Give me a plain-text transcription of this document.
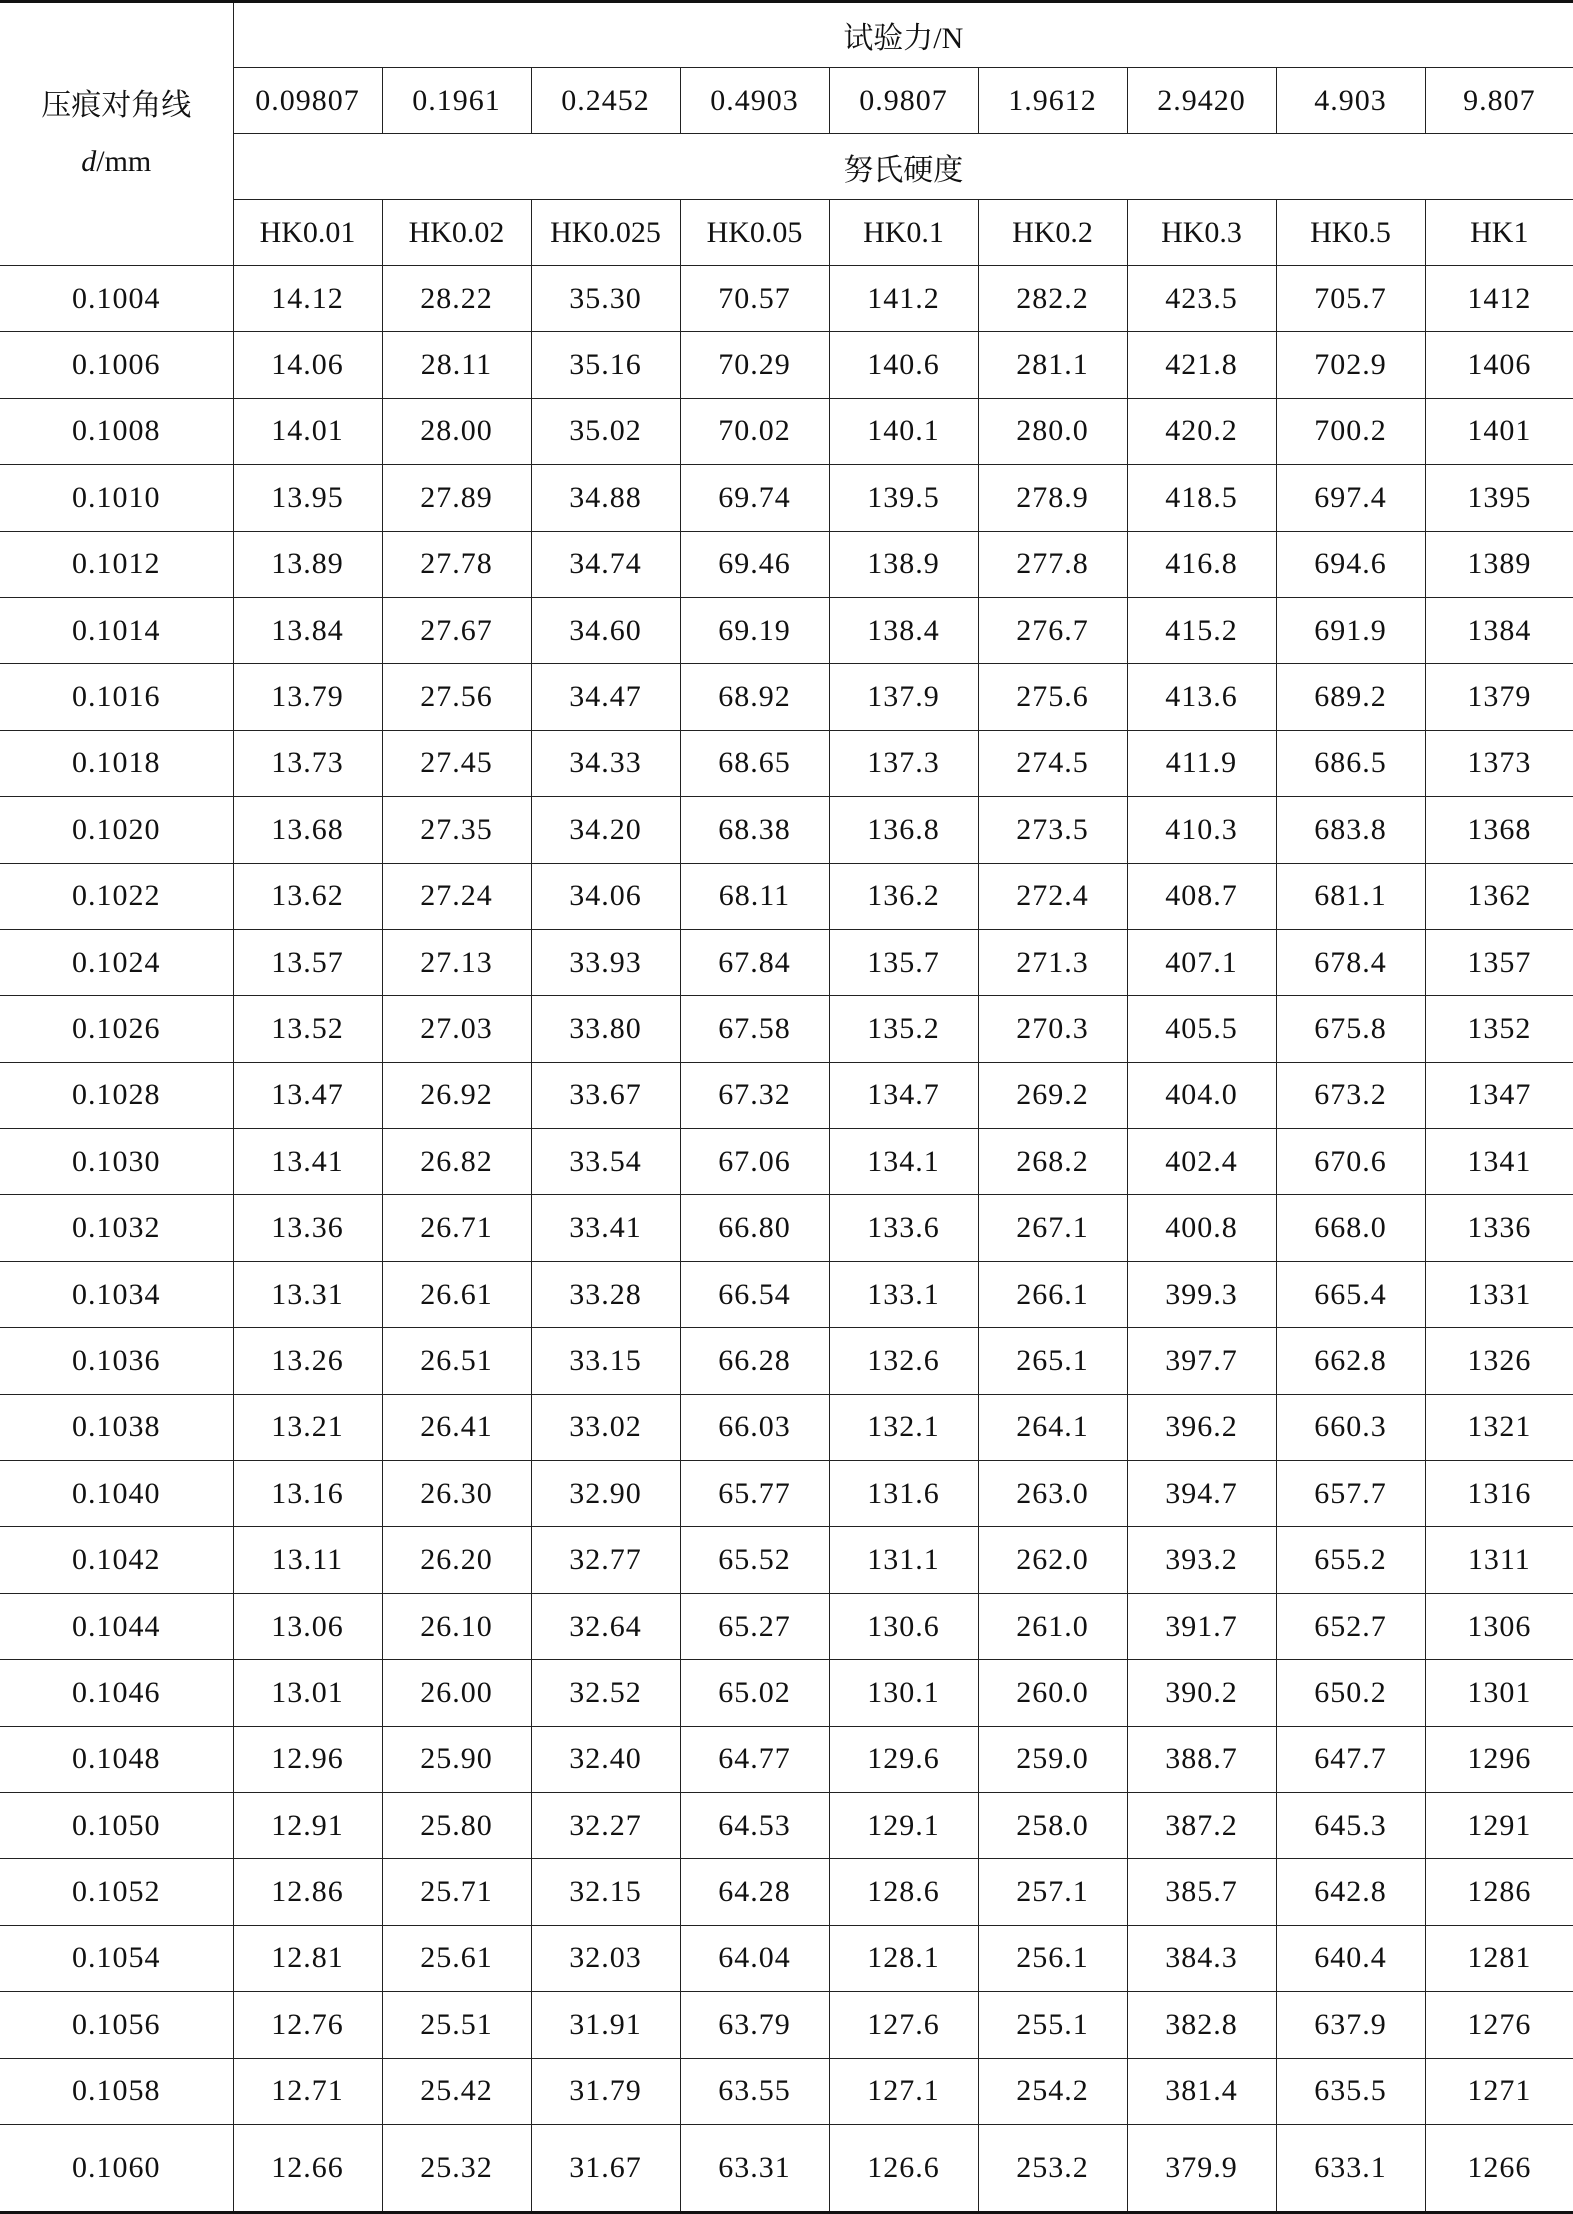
压痕对角线
d/mm	试验力/N								
	0.09807	0.1961	0.2452	0.4903	0.9807	1.9612	2.9420	4.903	9.807
	努氏硬度								
	HK0.01	HK0.02	HK0.025	HK0.05	HK0.1	HK0.2	HK0.3	HK0.5	HK1
0.1004	14.12	28.22	35.30	70.57	141.2	282.2	423.5	705.7	1412
0.1006	14.06	28.11	35.16	70.29	140.6	281.1	421.8	702.9	1406
0.1008	14.01	28.00	35.02	70.02	140.1	280.0	420.2	700.2	1401
0.1010	13.95	27.89	34.88	69.74	139.5	278.9	418.5	697.4	1395
0.1012	13.89	27.78	34.74	69.46	138.9	277.8	416.8	694.6	1389
0.1014	13.84	27.67	34.60	69.19	138.4	276.7	415.2	691.9	1384
0.1016	13.79	27.56	34.47	68.92	137.9	275.6	413.6	689.2	1379
0.1018	13.73	27.45	34.33	68.65	137.3	274.5	411.9	686.5	1373
0.1020	13.68	27.35	34.20	68.38	136.8	273.5	410.3	683.8	1368
0.1022	13.62	27.24	34.06	68.11	136.2	272.4	408.7	681.1	1362
0.1024	13.57	27.13	33.93	67.84	135.7	271.3	407.1	678.4	1357
0.1026	13.52	27.03	33.80	67.58	135.2	270.3	405.5	675.8	1352
0.1028	13.47	26.92	33.67	67.32	134.7	269.2	404.0	673.2	1347
0.1030	13.41	26.82	33.54	67.06	134.1	268.2	402.4	670.6	1341
0.1032	13.36	26.71	33.41	66.80	133.6	267.1	400.8	668.0	1336
0.1034	13.31	26.61	33.28	66.54	133.1	266.1	399.3	665.4	1331
0.1036	13.26	26.51	33.15	66.28	132.6	265.1	397.7	662.8	1326
0.1038	13.21	26.41	33.02	66.03	132.1	264.1	396.2	660.3	1321
0.1040	13.16	26.30	32.90	65.77	131.6	263.0	394.7	657.7	1316
0.1042	13.11	26.20	32.77	65.52	131.1	262.0	393.2	655.2	1311
0.1044	13.06	26.10	32.64	65.27	130.6	261.0	391.7	652.7	1306
0.1046	13.01	26.00	32.52	65.02	130.1	260.0	390.2	650.2	1301
0.1048	12.96	25.90	32.40	64.77	129.6	259.0	388.7	647.7	1296
0.1050	12.91	25.80	32.27	64.53	129.1	258.0	387.2	645.3	1291
0.1052	12.86	25.71	32.15	64.28	128.6	257.1	385.7	642.8	1286
0.1054	12.81	25.61	32.03	64.04	128.1	256.1	384.3	640.4	1281
0.1056	12.76	25.51	31.91	63.79	127.6	255.1	382.8	637.9	1276
0.1058	12.71	25.42	31.79	63.55	127.1	254.2	381.4	635.5	1271
0.1060	12.66	25.32	31.67	63.31	126.6	253.2	379.9	633.1	1266
